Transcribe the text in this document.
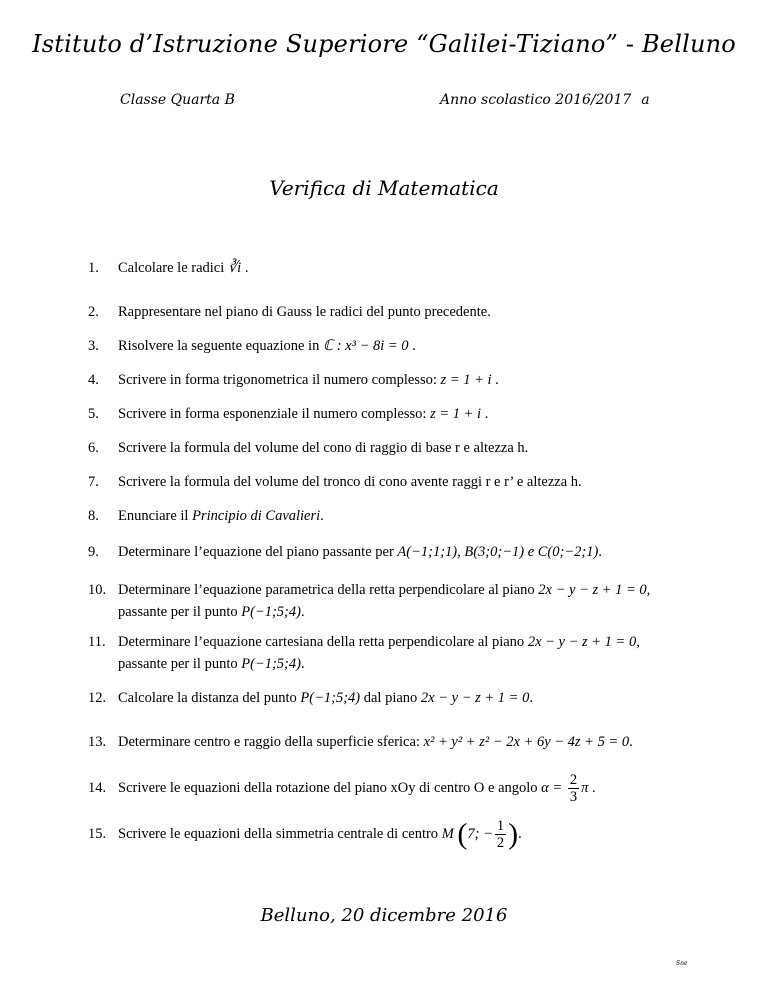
Istituto d’Istruzione Superiore “Galilei-Tiziano” - Belluno
Classe Quarta B	Anno scolastico 2016/2017 a
Verifica di Matematica
1. Calcolare le radici ∛i .
2. Rappresentare nel piano di Gauss le radici del punto precedente.
3. Risolvere la seguente equazione in ℂ : x³ − 8i = 0 .
4. Scrivere in forma trigonometrica il numero complesso: z = 1 + i .
5. Scrivere in forma esponenziale il numero complesso: z = 1 + i .
6. Scrivere la formula del volume del cono di raggio di base r e altezza h.
7. Scrivere la formula del volume del tronco di cono avente raggi r e r’ e altezza h.
8. Enunciare il Principio di Cavalieri.
9. Determinare l’equazione del piano passante per A(−1;1;1), B(3;0;−1) e C(0;−2;1).
10. Determinare l’equazione parametrica della retta perpendicolare al piano 2x − y − z + 1 = 0,
passante per il punto P(−1;5;4).
11. Determinare l’equazione cartesiana della retta perpendicolare al piano 2x − y − z + 1 = 0,
passante per il punto P(−1;5;4).
12. Calcolare la distanza del punto P(−1;5;4) dal piano 2x − y − z + 1 = 0.
13. Determinare centro e raggio della superficie sferica: x² + y² + z² − 2x + 6y − 4z + 5 = 0.
14. Scrivere le equazioni della rotazione del piano xOy di centro O e angolo $\alpha = \frac{2}{3}$ π .
15. Scrivere le equazioni della simmetria centrale di centro M (7; − $\frac{1}{2}$ ).
Belluno, 20 dicembre 2016
Sne
